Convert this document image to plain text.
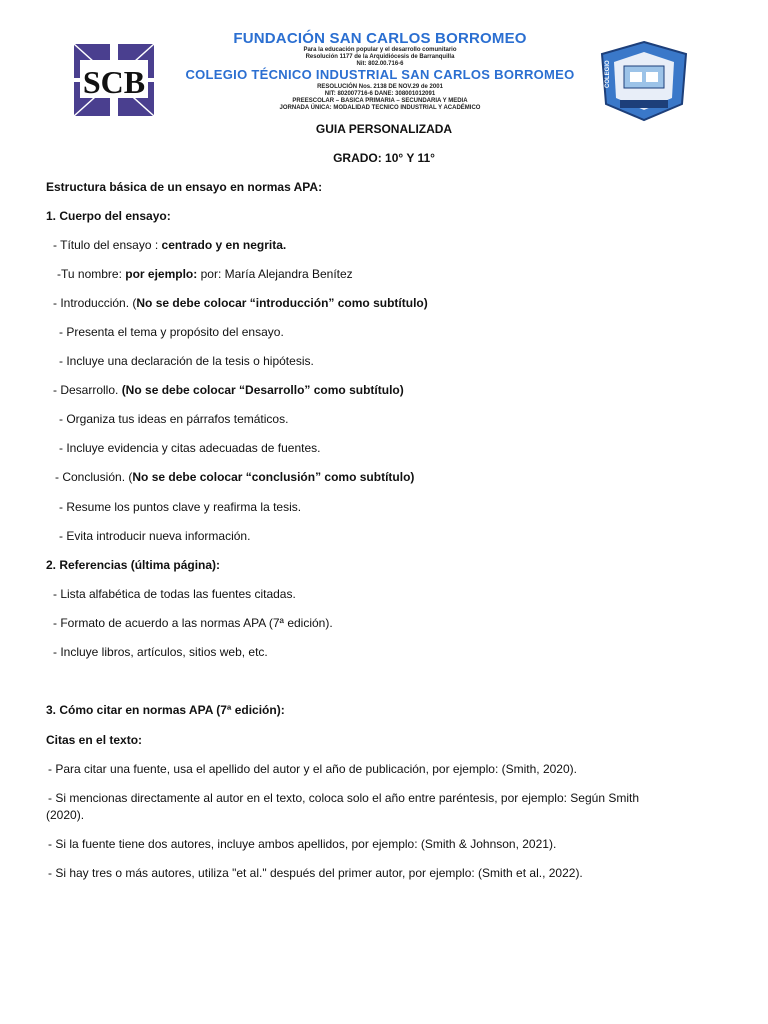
SCB
FUNDACIÓN SAN CARLOS BORROMEO
Para la educación popular y el desarrollo comunitario
Resolución 1177 de la Arquidiócesis de Barranquilla
Nit: 802.00.716-6
COLEGIO TÉCNICO INDUSTRIAL SAN CARLOS BORROMEO
RESOLUCIÓN Nos. 2138 DE NOV.29 de 2001
NIT: 802007716-6 DANE: 308001012091
PREESCOLAR – BASICA PRIMARIA – SECUNDARIA Y MEDIA
JORNADA ÚNICA: MODALIDAD TECNICO INDUSTRIAL Y ACADÉMICO
COLEGIO
GUIA PERSONALIZADA
GRADO: 10° Y 11°
Estructura básica de un ensayo en normas APA:
1. Cuerpo del ensayo:
- Título del ensayo : centrado y en negrita.
-Tu nombre: por ejemplo: por: María Alejandra Benítez
- Introducción. (No se debe colocar “introducción” como subtítulo)
- Presenta el tema y propósito del ensayo.
- Incluye una declaración de la tesis o hipótesis.
- Desarrollo. (No se debe colocar “Desarrollo” como subtítulo)
- Organiza tus ideas en párrafos temáticos.
- Incluye evidencia y citas adecuadas de fuentes.
- Conclusión. (No se debe colocar “conclusión” como subtítulo)
- Resume los puntos clave y reafirma la tesis.
- Evita introducir nueva información.
2. Referencias (última página):
- Lista alfabética de todas las fuentes citadas.
- Formato de acuerdo a las normas APA (7ª edición).
- Incluye libros, artículos, sitios web, etc.
3. Cómo citar en normas APA (7ª edición):
Citas en el texto:
- Para citar una fuente, usa el apellido del autor y el año de publicación, por ejemplo: (Smith, 2020).
- Si mencionas directamente al autor en el texto, coloca solo el año entre paréntesis, por ejemplo: Según Smith
(2020).
- Si la fuente tiene dos autores, incluye ambos apellidos, por ejemplo: (Smith & Johnson, 2021).
- Si hay tres o más autores, utiliza "et al." después del primer autor, por ejemplo: (Smith et al., 2022).
